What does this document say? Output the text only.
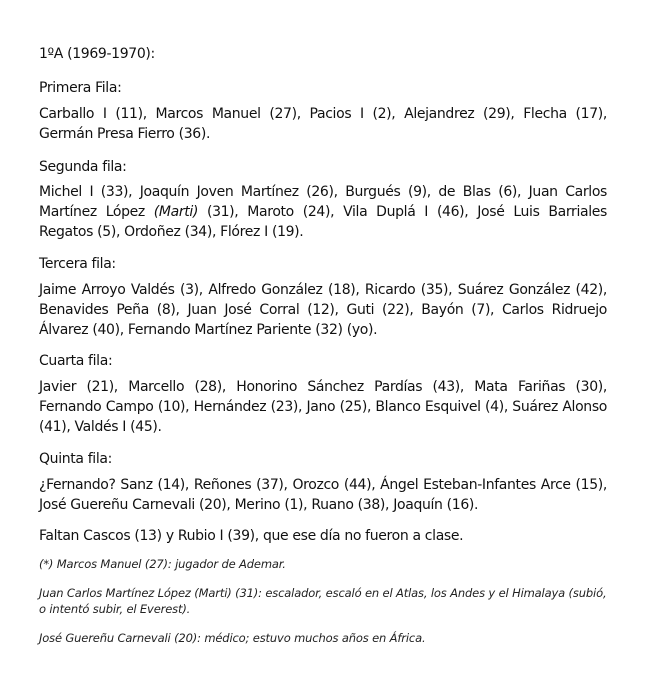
1ºA (1969-1970):

Primera Fila:

Carballo I (11), Marcos Manuel (27), Pacios I (2), Alejandrez (29), Flecha (17), Germán Presa Fierro (36).

Segunda fila:

Michel I (33), Joaquín Joven Martínez (26), Burgués (9), de Blas (6), Juan Carlos Martínez López (Marti) (31), Maroto (24), Vila Duplá I (46), José Luis Barriales Regatos (5), Ordoñez (34), Flórez I (19).

Tercera fila:

Jaime Arroyo Valdés (3), Alfredo González (18), Ricardo (35), Suárez González (42), Benavides Peña (8), Juan José Corral (12), Guti (22), Bayón (7), Carlos Ridruejo Álvarez (40), Fernando Martínez Pariente (32) (yo).

Cuarta fila:

Javier (21), Marcello (28), Honorino Sánchez Pardías (43), Mata Fariñas (30), Fernando Campo (10), Hernández (23), Jano (25), Blanco Esquivel (4), Suárez Alonso (41), Valdés I (45).

Quinta fila:

¿Fernando? Sanz (14), Reñones (37), Orozco (44), Ángel Esteban-Infantes Arce (15), José Guereñu Carnevali (20), Merino (1), Ruano (38), Joaquín (16).

Faltan Cascos (13) y Rubio I (39), que ese día no fueron a clase.

(*) Marcos Manuel (27): jugador de Ademar.

Juan Carlos Martínez López (Marti) (31): escalador, escaló en el Atlas, los Andes y el Himalaya (subió, o intentó subir, el Everest).

José Guereñu Carnevali (20): médico; estuvo muchos años en África.
